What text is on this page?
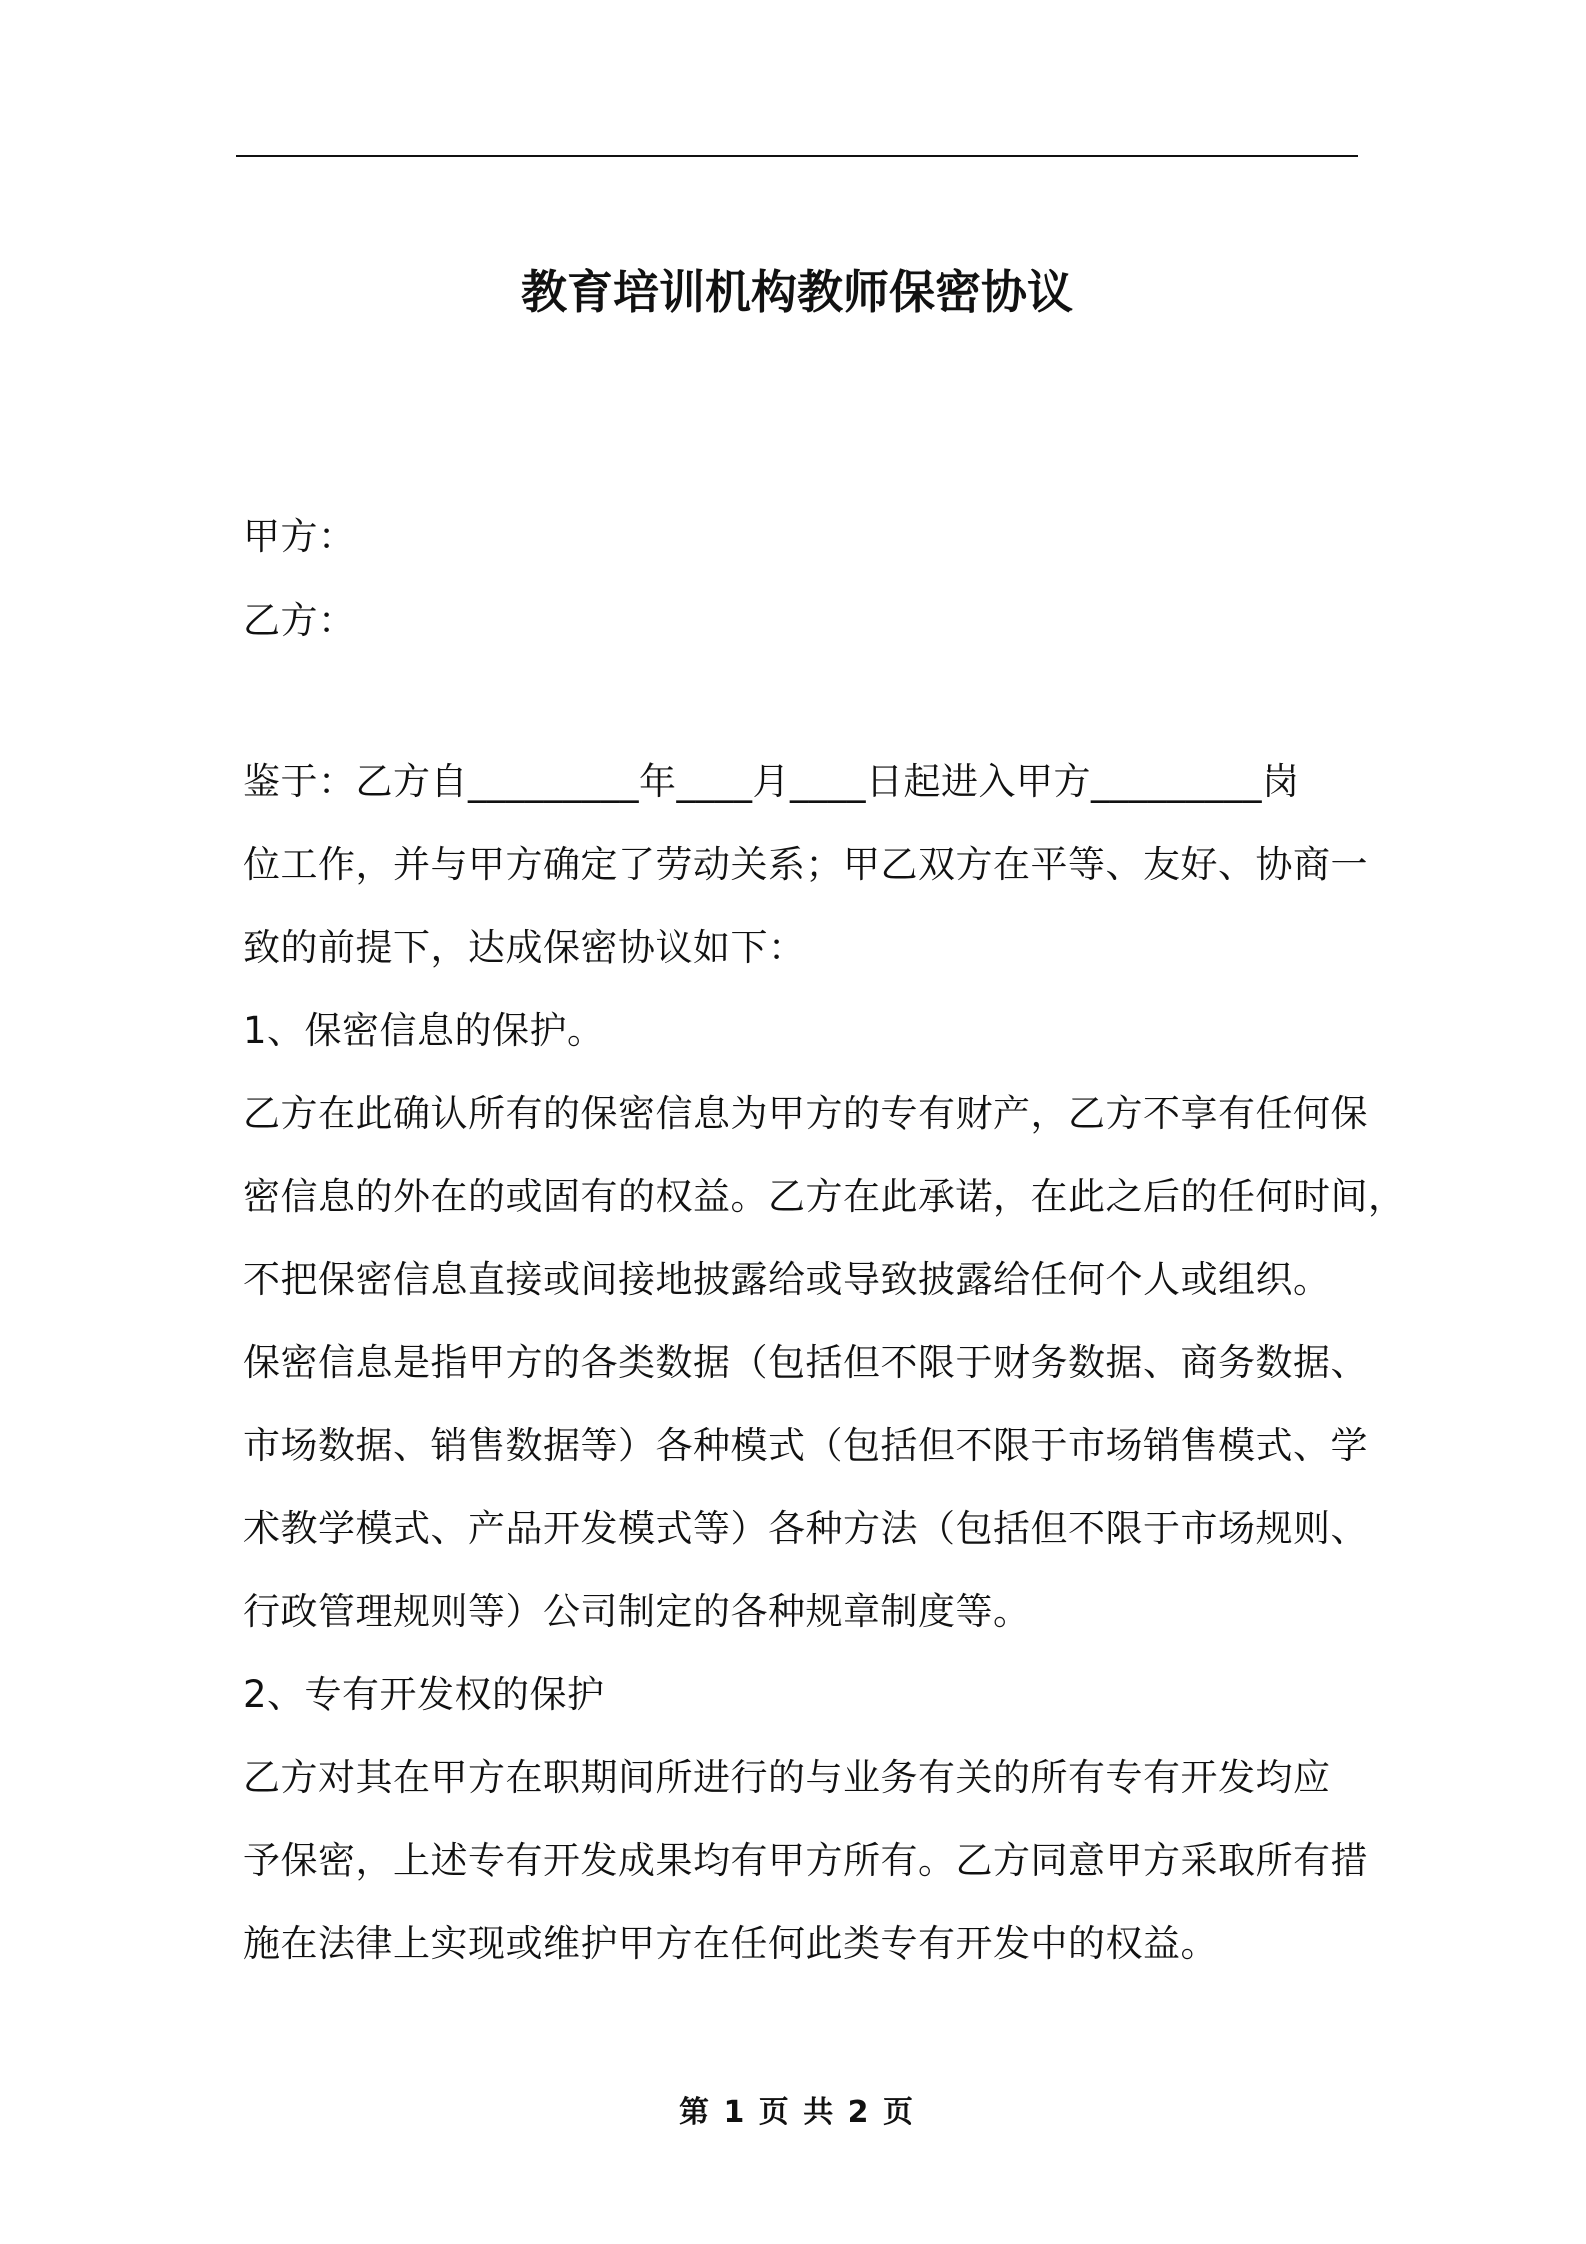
教育培训机构教师保密协议
甲方：
乙方：
鉴于：乙方自_________年____月____日起进入甲方_________岗
位工作，并与甲方确定了劳动关系；甲乙双方在平等、友好、协商一
致的前提下，达成保密协议如下：
1、保密信息的保护。
乙方在此确认所有的保密信息为甲方的专有财产，乙方不享有任何保
密信息的外在的或固有的权益。乙方在此承诺，在此之后的任何时间，
不把保密信息直接或间接地披露给或导致披露给任何个人或组织。
保密信息是指甲方的各类数据（包括但不限于财务数据、商务数据、
市场数据、销售数据等）各种模式（包括但不限于市场销售模式、学
术教学模式、产品开发模式等）各种方法（包括但不限于市场规则、
行政管理规则等）公司制定的各种规章制度等。
2、专有开发权的保护
乙方对其在甲方在职期间所进行的与业务有关的所有专有开发均应
予保密，上述专有开发成果均有甲方所有。乙方同意甲方采取所有措
施在法律上实现或维护甲方在任何此类专有开发中的权益。
第 1 页 共 2 页
